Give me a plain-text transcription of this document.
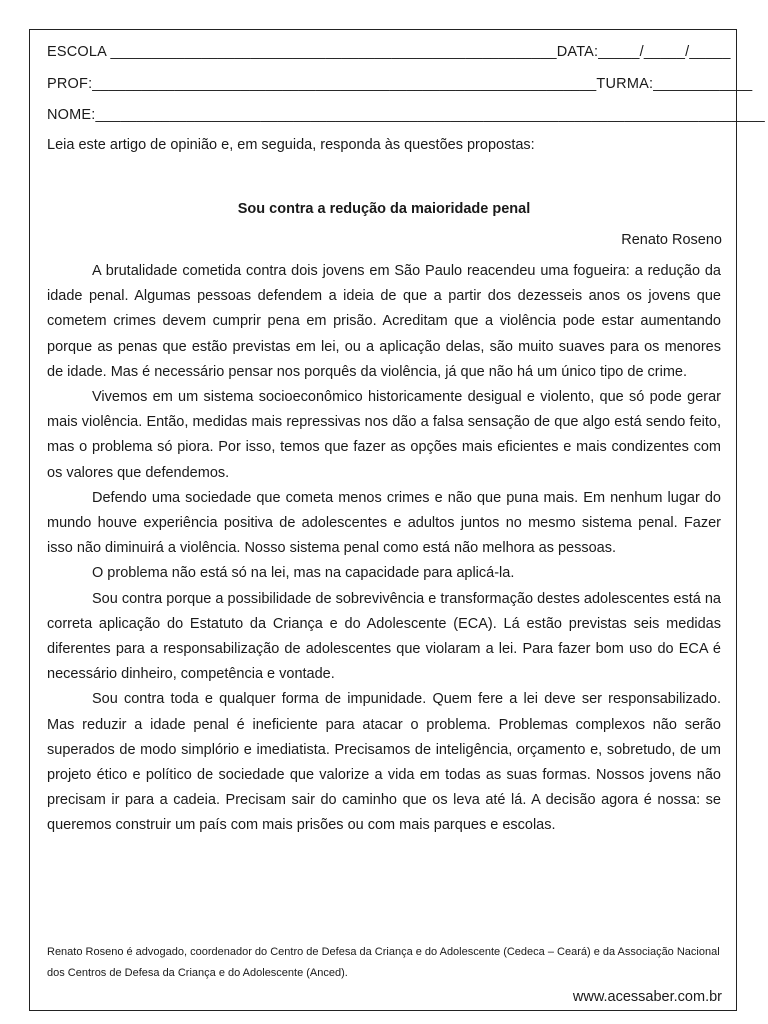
ESCOLA ______________________________________________________DATA:_____/_____/_____
PROF:_____________________________________________________________TURMA:____________
NOME:_________________________________________________________________________________
Leia este artigo de opinião e, em seguida, responda às questões propostas:
Sou contra a redução da maioridade penal
Renato Roseno

A brutalidade cometida contra dois jovens em São Paulo reacendeu uma fogueira: a redução da idade penal. Algumas pessoas defendem a ideia de que a partir dos dezesseis anos os jovens que cometem crimes devem cumprir pena em prisão. Acreditam que a violência pode estar aumentando porque as penas que estão previstas em lei, ou a aplicação delas, são muito suaves para os menores de idade. Mas é necessário pensar nos porquês da violência, já que não há um único tipo de crime.

Vivemos em um sistema socioeconômico historicamente desigual e violento, que só pode gerar mais violência. Então, medidas mais repressivas nos dão a falsa sensação de que algo está sendo feito, mas o problema só piora. Por isso, temos que fazer as opções mais eficientes e mais condizentes com os valores que defendemos.

Defendo uma sociedade que cometa menos crimes e não que puna mais. Em nenhum lugar do mundo houve experiência positiva de adolescentes e adultos juntos no mesmo sistema penal. Fazer isso não diminuirá a violência. Nosso sistema penal como está não melhora as pessoas.

O problema não está só na lei, mas na capacidade para aplicá-la.

Sou contra porque a possibilidade de sobrevivência e transformação destes adolescentes está na correta aplicação do Estatuto da Criança e do Adolescente (ECA). Lá estão previstas seis medidas diferentes para a responsabilização de adolescentes que violaram a lei. Para fazer bom uso do ECA é necessário dinheiro, competência e vontade.

Sou contra toda e qualquer forma de impunidade. Quem fere a lei deve ser responsabilizado. Mas reduzir a idade penal é ineficiente para atacar o problema. Problemas complexos não serão superados de modo simplório e imediatista. Precisamos de inteligência, orçamento e, sobretudo, de um projeto ético e político de sociedade que valorize a vida em todas as suas formas. Nossos jovens não precisam ir para a cadeia. Precisam sair do caminho que os leva até lá. A decisão agora é nossa: se queremos construir um país com mais prisões ou com mais parques e escolas.

Renato Roseno é advogado, coordenador do Centro de Defesa da Criança e do Adolescente (Cedeca – Ceará) e da Associação Nacional dos Centros de Defesa da Criança e do Adolescente (Anced).
www.acessaber.com.br
